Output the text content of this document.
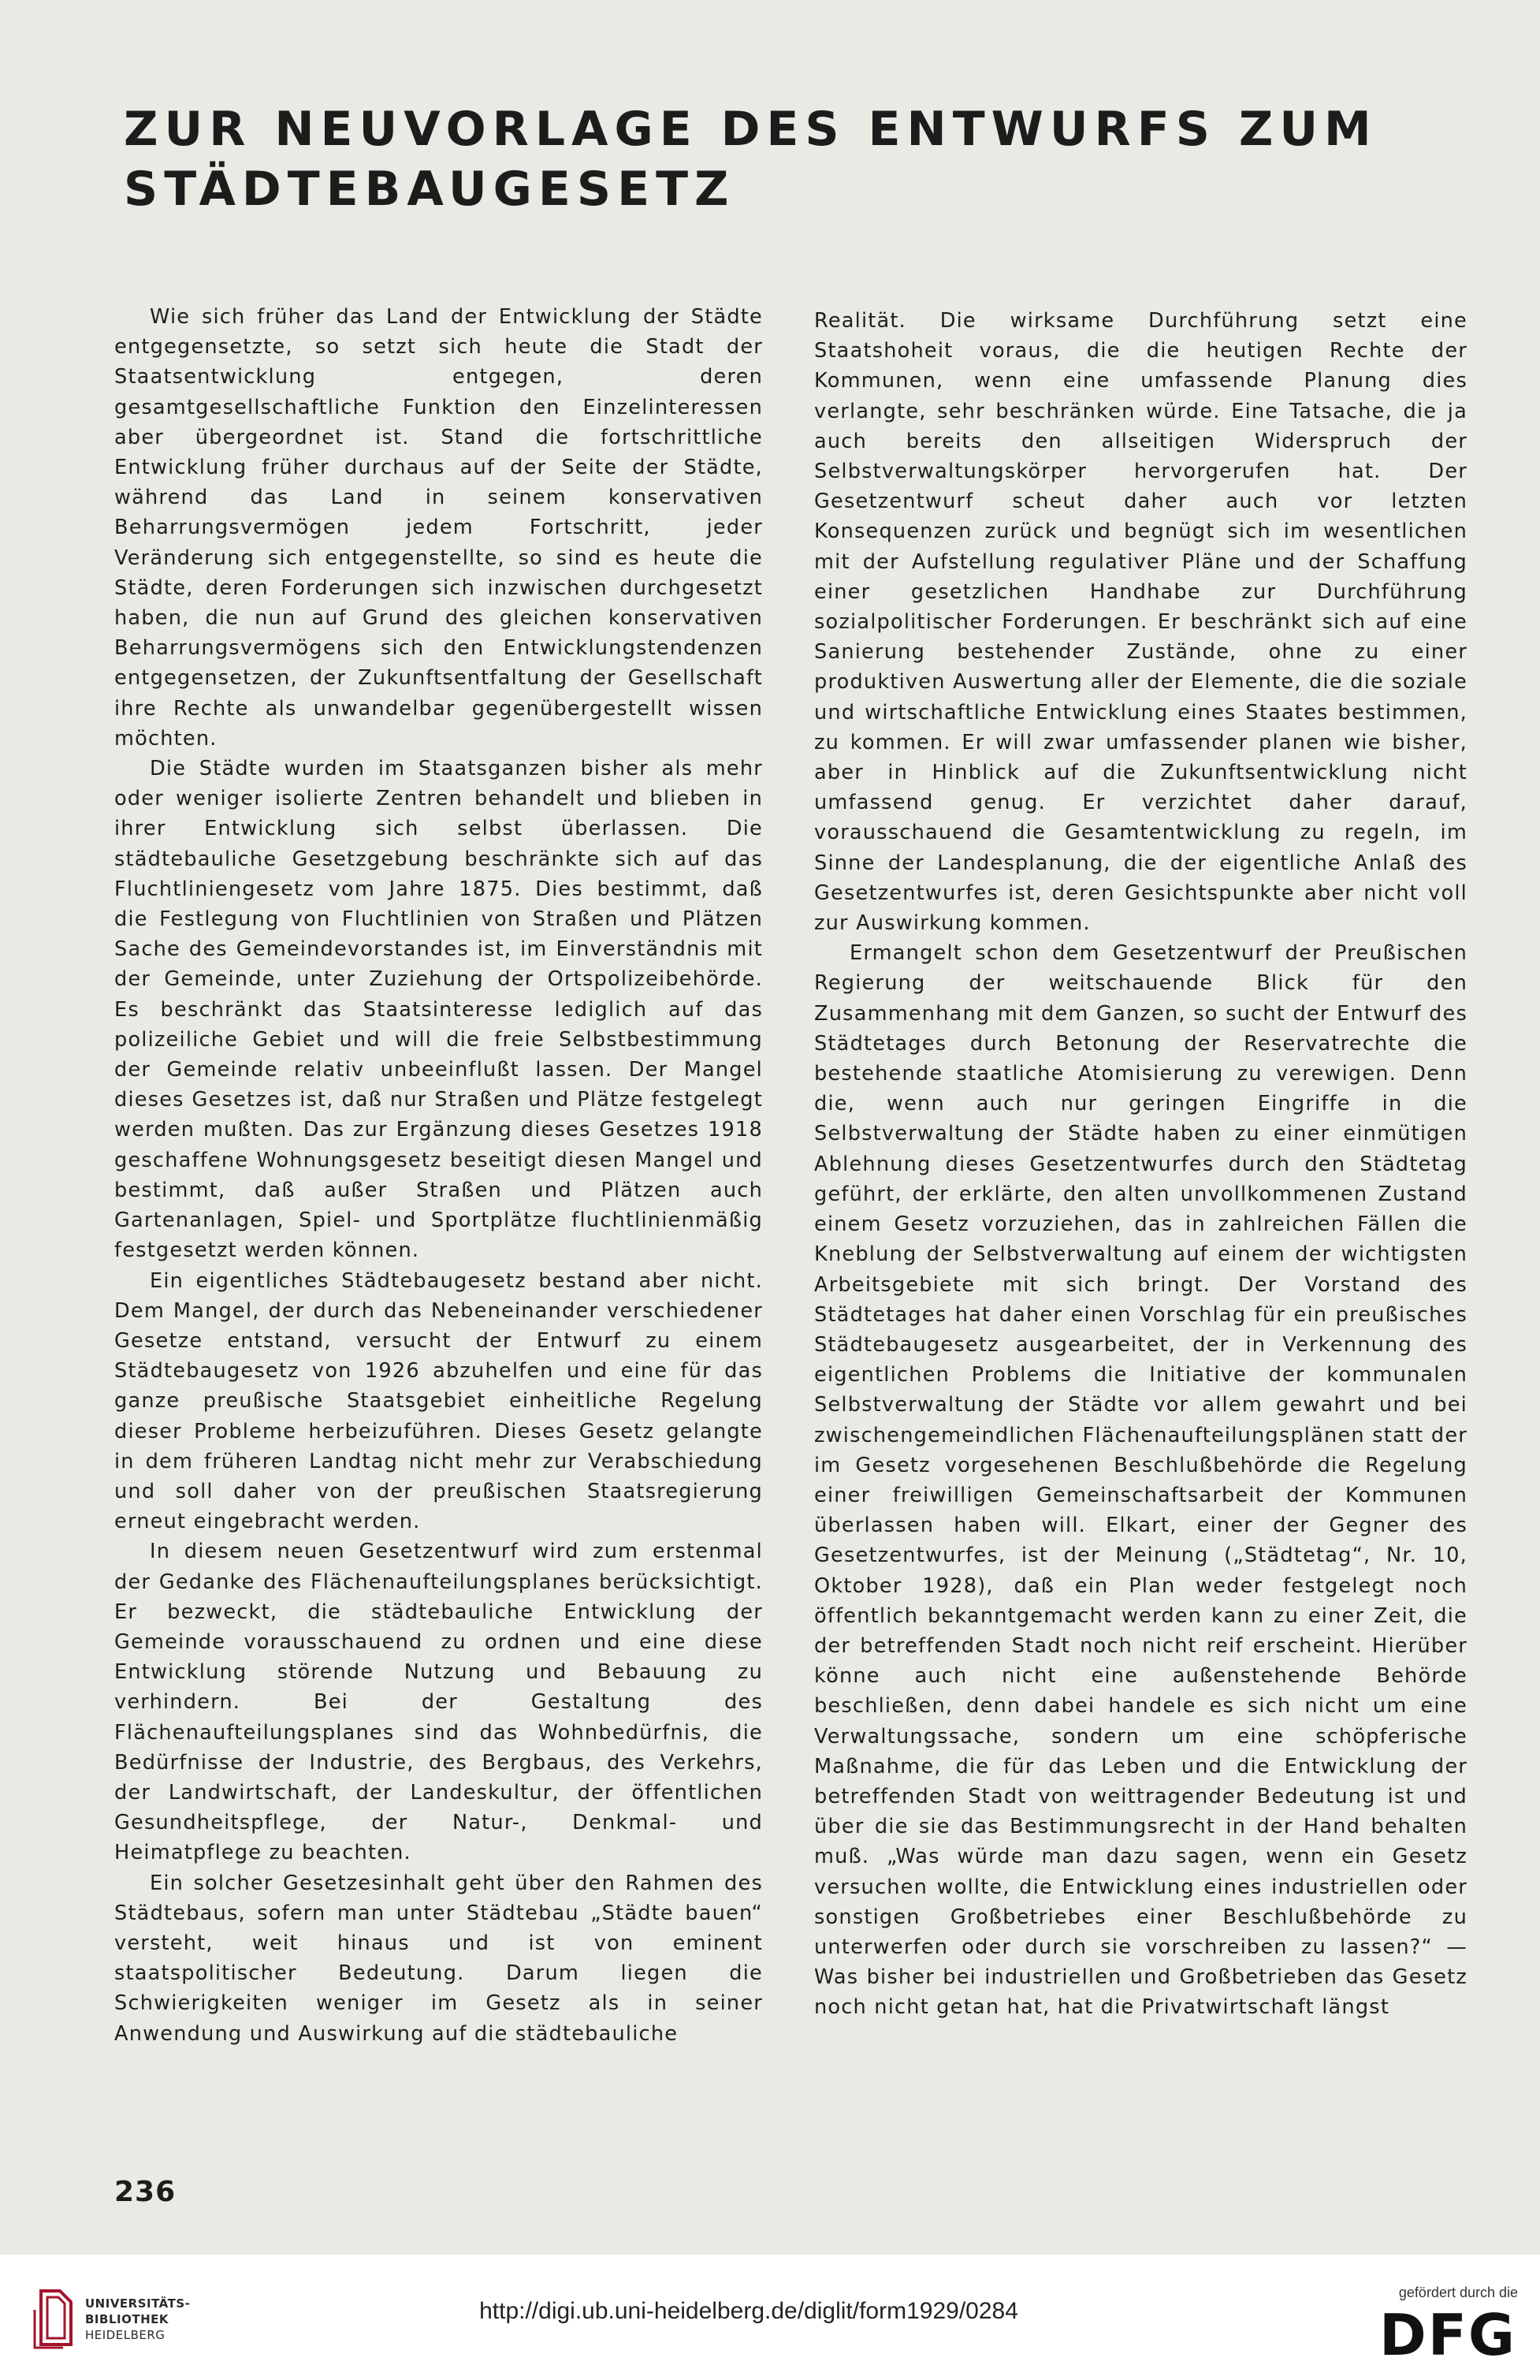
ZUR NEUVORLAGE DES ENTWURFS ZUM
STÄDTEBAUGESETZ

Wie sich früher das Land der Entwicklung der Städte entgegensetzte, so setzt sich heute die Stadt der Staatsentwicklung entgegen, deren gesamtgesellschaftliche Funktion den Einzelinteressen aber übergeordnet ist. Stand die fortschrittliche Entwicklung früher durchaus auf der Seite der Städte, während das Land in seinem konservativen Beharrungsvermögen jedem Fortschritt, jeder Veränderung sich entgegenstellte, so sind es heute die Städte, deren Forderungen sich inzwischen durchgesetzt haben, die nun auf Grund des gleichen konservativen Beharrungsvermögens sich den Entwicklungstendenzen entgegensetzen, der Zukunftsentfaltung der Gesellschaft ihre Rechte als unwandelbar gegenübergestellt wissen möchten.

Die Städte wurden im Staatsganzen bisher als mehr oder weniger isolierte Zentren behandelt und blieben in ihrer Entwicklung sich selbst überlassen. Die städtebauliche Gesetzgebung beschränkte sich auf das Fluchtliniengesetz vom Jahre 1875. Dies bestimmt, daß die Festlegung von Fluchtlinien von Straßen und Plätzen Sache des Gemeindevorstandes ist, im Einverständnis mit der Gemeinde, unter Zuziehung der Ortspolizeibehörde. Es beschränkt das Staatsinteresse lediglich auf das polizeiliche Gebiet und will die freie Selbstbestimmung der Gemeinde relativ unbeeinflußt lassen. Der Mangel dieses Gesetzes ist, daß nur Straßen und Plätze festgelegt werden mußten. Das zur Ergänzung dieses Gesetzes 1918 geschaffene Wohnungsgesetz beseitigt diesen Mangel und bestimmt, daß außer Straßen und Plätzen auch Gartenanlagen, Spiel- und Sportplätze fluchtlinienmäßig festgesetzt werden können.

Ein eigentliches Städtebaugesetz bestand aber nicht. Dem Mangel, der durch das Nebeneinander verschiedener Gesetze entstand, versucht der Entwurf zu einem Städtebaugesetz von 1926 abzuhelfen und eine für das ganze preußische Staatsgebiet einheitliche Regelung dieser Probleme herbeizuführen. Dieses Gesetz gelangte in dem früheren Landtag nicht mehr zur Verabschiedung und soll daher von der preußischen Staatsregierung erneut eingebracht werden.

In diesem neuen Gesetzentwurf wird zum erstenmal der Gedanke des Flächenaufteilungsplanes berücksichtigt. Er bezweckt, die städtebauliche Entwicklung der Gemeinde vorausschauend zu ordnen und eine diese Entwicklung störende Nutzung und Bebauung zu verhindern. Bei der Gestaltung des Flächenaufteilungsplanes sind das Wohnbedürfnis, die Bedürfnisse der Industrie, des Bergbaus, des Verkehrs, der Landwirtschaft, der Landeskultur, der öffentlichen Gesundheitspflege, der Natur-, Denkmal- und Heimatpflege zu beachten.

Ein solcher Gesetzesinhalt geht über den Rahmen des Städtebaus, sofern man unter Städtebau „Städte bauen“ versteht, weit hinaus und ist von eminent staatspolitischer Bedeutung. Darum liegen die Schwierigkeiten weniger im Gesetz als in seiner Anwendung und Auswirkung auf die städtebauliche

Realität. Die wirksame Durchführung setzt eine Staatshoheit voraus, die die heutigen Rechte der Kommunen, wenn eine umfassende Planung dies verlangte, sehr beschränken würde. Eine Tatsache, die ja auch bereits den allseitigen Widerspruch der Selbstverwaltungskörper hervorgerufen hat. Der Gesetzentwurf scheut daher auch vor letzten Konsequenzen zurück und begnügt sich im wesentlichen mit der Aufstellung regulativer Pläne und der Schaffung einer gesetzlichen Handhabe zur Durchführung sozialpolitischer Forderungen. Er beschränkt sich auf eine Sanierung bestehender Zustände, ohne zu einer produktiven Auswertung aller der Elemente, die die soziale und wirtschaftliche Entwicklung eines Staates bestimmen, zu kommen. Er will zwar umfassender planen wie bisher, aber in Hinblick auf die Zukunftsentwicklung nicht umfassend genug. Er verzichtet daher darauf, vorausschauend die Gesamtentwicklung zu regeln, im Sinne der Landesplanung, die der eigentliche Anlaß des Gesetzentwurfes ist, deren Gesichtspunkte aber nicht voll zur Auswirkung kommen.

Ermangelt schon dem Gesetzentwurf der Preußischen Regierung der weitschauende Blick für den Zusammenhang mit dem Ganzen, so sucht der Entwurf des Städtetages durch Betonung der Reservatrechte die bestehende staatliche Atomisierung zu verewigen. Denn die, wenn auch nur geringen Eingriffe in die Selbstverwaltung der Städte haben zu einer einmütigen Ablehnung dieses Gesetzentwurfes durch den Städtetag geführt, der erklärte, den alten unvollkommenen Zustand einem Gesetz vorzuziehen, das in zahlreichen Fällen die Kneblung der Selbstverwaltung auf einem der wichtigsten Arbeitsgebiete mit sich bringt. Der Vorstand des Städtetages hat daher einen Vorschlag für ein preußisches Städtebaugesetz ausgearbeitet, der in Verkennung des eigentlichen Problems die Initiative der kommunalen Selbstverwaltung der Städte vor allem gewahrt und bei zwischengemeindlichen Flächenaufteilungsplänen statt der im Gesetz vorgesehenen Beschlußbehörde die Regelung einer freiwilligen Gemeinschaftsarbeit der Kommunen überlassen haben will. Elkart, einer der Gegner des Gesetzentwurfes, ist der Meinung („Städtetag“, Nr. 10, Oktober 1928), daß ein Plan weder festgelegt noch öffentlich bekanntgemacht werden kann zu einer Zeit, die der betreffenden Stadt noch nicht reif erscheint. Hierüber könne auch nicht eine außenstehende Behörde beschließen, denn dabei handele es sich nicht um eine Verwaltungssache, sondern um eine schöpferische Maßnahme, die für das Leben und die Entwicklung der betreffenden Stadt von weittragender Bedeutung ist und über die sie das Bestimmungsrecht in der Hand behalten muß. „Was würde man dazu sagen, wenn ein Gesetz versuchen wollte, die Entwicklung eines industriellen oder sonstigen Großbetriebes einer Beschlußbehörde zu unterwerfen oder durch sie vorschreiben zu lassen?“ — Was bisher bei industriellen und Großbetrieben das Gesetz noch nicht getan hat, hat die Privatwirtschaft längst

236
UNIVERSITÄTS-
BIBLIOTHEK
HEIDELBERG
http://digi.ub.uni-heidelberg.de/diglit/form1929/0284
gefördert durch die
DFG
